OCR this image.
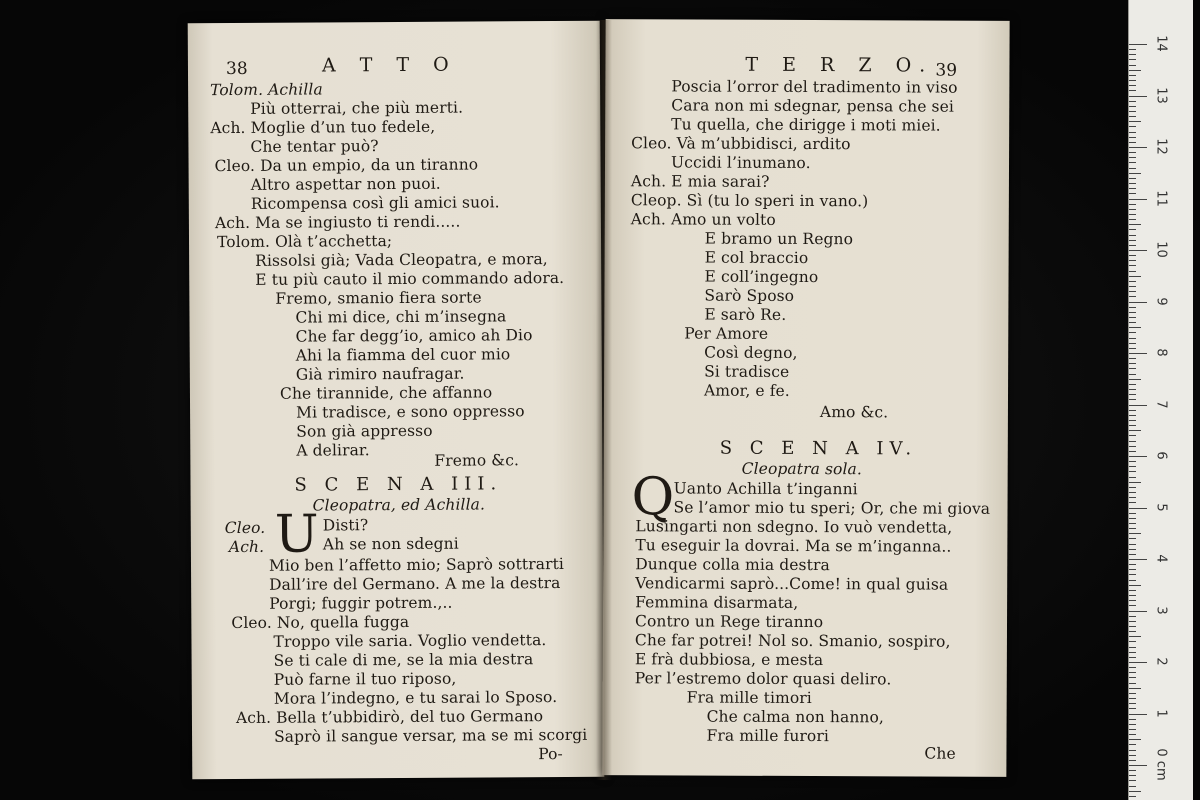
38	A T T O
Tolom. Achilla
Più otterrai, che più merti.
Ach. Moglie d’un tuo fedele,
Che tentar può?
Cleo. Da un empio, da un tiranno
Altro aspettar non puoi.
Ricompensa così gli amici suoi.
Ach. Ma se ingiusto ti rendi.....
Tolom. Olà t’acchetta;
Rissolsi già; Vada Cleopatra, e mora,
E tu più cauto il mio commando adora.
Fremo, smanio fiera sorte
Chi mi dice, chi m’insegna
Che far degg’io, amico ah Dio
Ahi la fiamma del cuor mio
Già rimiro naufragar.
Che tirannide, che affanno
Mi tradisce, e sono oppresso
Son già appresso
A delirar.
Fremo &c.
S C E N A III.
Cleopatra, ed Achilla.
U
Cleo.	Disti?
Ach.	Ah se non sdegni
Mio ben l’affetto mio; Saprò sottrarti
Dall’ire del Germano. A me la destra
Porgi; fuggir potrem.,..
Cleo. No, quella fugga
Troppo vile saria. Voglio vendetta.
Se ti cale di me, se la mia destra
Può farne il tuo riposo,
Mora l’indegno, e tu sarai lo Sposo.
Ach. Bella t’ubbidirò, del tuo Germano
Saprò il sangue versar, ma se mi scorgi
Po-
T E R Z O. 39
Poscia l’orror del tradimento in viso
Cara non mi sdegnar, pensa che sei
Tu quella, che dirigge i moti miei.
Cleo. Và m’ubbidisci, ardito
Uccidi l’inumano.
Ach. E mia sarai?
Cleop. Sì (tu lo speri in vano.)
Ach. Amo un volto
E bramo un Regno
E col braccio
E coll’ingegno
Sarò Sposo
E sarò Re.
Per Amore
Così degno,
Si tradisce
Amor, e fe.
Amo &c.
S C E N A IV.
Cleopatra sola.
Q Uanto Achilla t’inganni
Se l’amor mio tu speri; Or, che mi giova
Lusingarti non sdegno. Io vuò vendetta,
Tu eseguir la dovrai. Ma se m’inganna..
Dunque colla mia destra
Vendicarmi saprò...Come! in qual guisa
Femmina disarmata,
Contro un Rege tiranno
Che far potrei! Nol so. Smanio, sospiro,
E frà dubbiosa, e mesta
Per l’estremo dolor quasi deliro.
Fra mille timori
Che calma non hanno,
Fra mille furori
Che
14
13
12
11
10
9
8
7
6
5
4
3
2
1
0 cm
